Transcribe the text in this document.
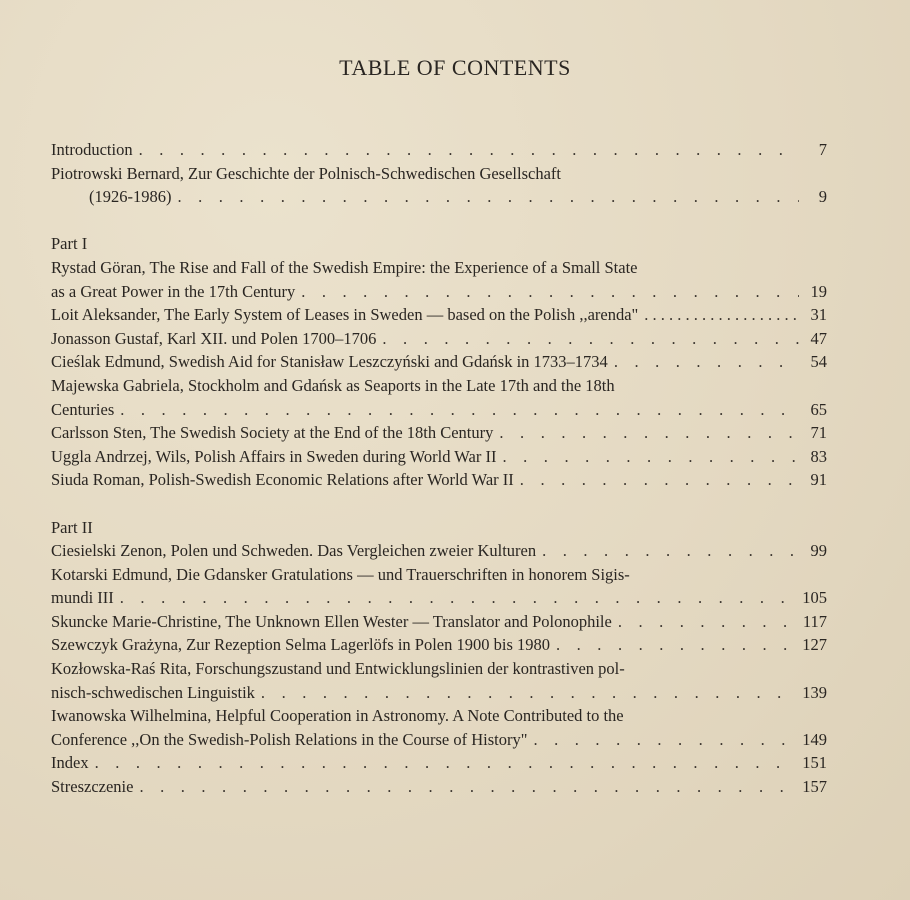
TABLE OF CONTENTS
Introduction . . .	7
Piotrowski Bernard, Zur Geschichte der Polnisch-Schwedischen Gesellschaft
(1926-1986) . . .	9
Part I
Rystad Göran, The Rise and Fall of the Swedish Empire: the Experience of a Small State
as a Great Power in the 17th Century . . .	19
Loit Aleksander, The Early System of Leases in Sweden — based on the Polish ,,arenda" . . .	31
Jonasson Gustaf, Karl XII. und Polen 1700–1706 . . .	47
Cieślak Edmund, Swedish Aid for Stanisław Leszczyński and Gdańsk in 1733–1734 . . .	54
Majewska Gabriela, Stockholm and Gdańsk as Seaports in the Late 17th and the 18th
Centuries . . .	65
Carlsson Sten, The Swedish Society at the End of the 18th Century . . .	71
Uggla Andrzej, Wils, Polish Affairs in Sweden during World War II . . .	83
Siuda Roman, Polish-Swedish Economic Relations after World War II . . .	91
Part II
Ciesielski Zenon, Polen und Schweden. Das Vergleichen zweier Kulturen . . .	99
Kotarski Edmund, Die Gdansker Gratulations — und Trauerschriften in honorem Sigis-
mundi III . . .	105
Skuncke Marie-Christine, The Unknown Ellen Wester — Translator and Polonophile . . .	117
Szewczyk Grażyna, Zur Rezeption Selma Lagerlöfs in Polen 1900 bis 1980 . . .	127
Kozłowska-Raś Rita, Forschungszustand und Entwicklungslinien der kontrastiven pol-
nisch-schwedischen Linguistik . . .	139
Iwanowska Wilhelmina, Helpful Cooperation in Astronomy. A Note Contributed to the
Conference ,,On the Swedish-Polish Relations in the Course of History" . . .	149
Index . . .	151
Streszczenie . . .	157
